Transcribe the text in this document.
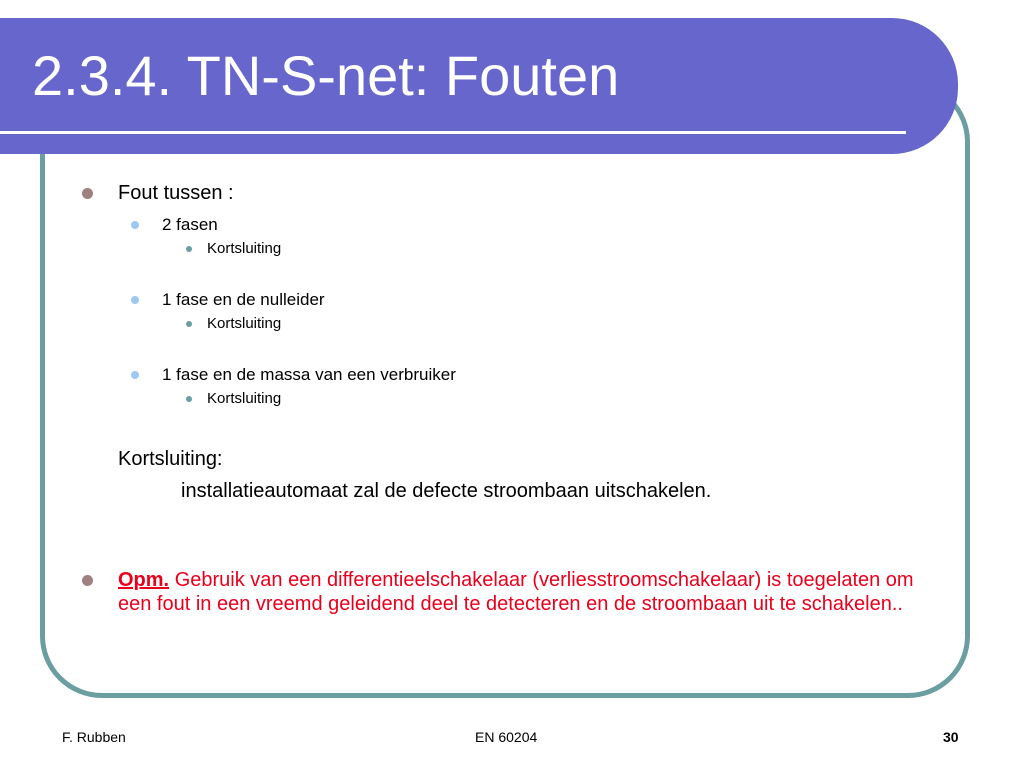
2.3.4. TN-S-net: Fouten
Fout tussen :
2 fasen
Kortsluiting
1 fase en de nulleider
Kortsluiting
1 fase en de massa van een verbruiker
Kortsluiting
Kortsluiting:
installatieautomaat zal de defecte stroombaan uitschakelen.
Opm. Gebruik van een differentieelschakelaar (verliesstroomschakelaar) is toegelaten om een fout in een vreemd geleidend deel te detecteren en de stroombaan uit te schakelen..
F. Rubben	EN 60204	30
